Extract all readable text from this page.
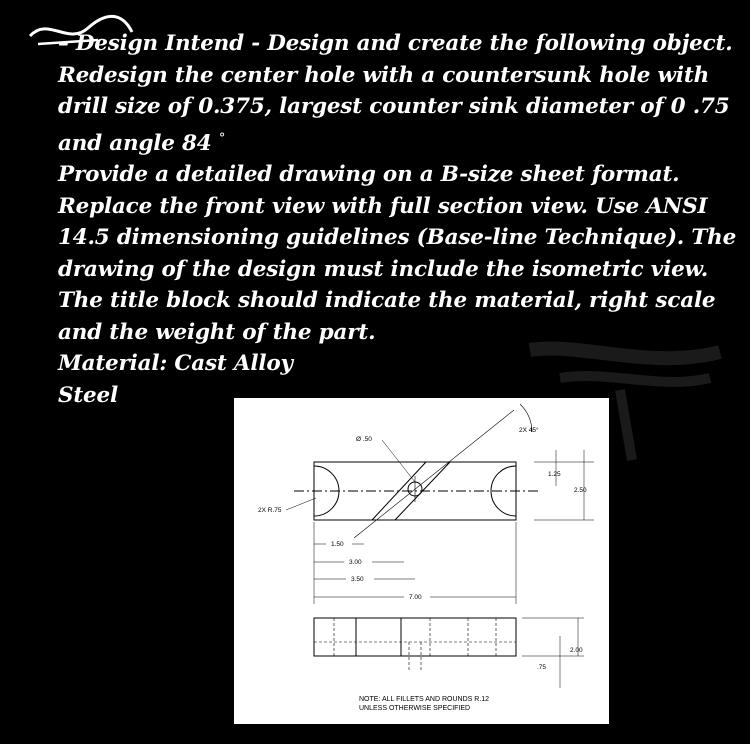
– Design Intend - Design and create the following object.

Redesign the center hole with a countersunk hole with drill size of 0.375, largest counter sink diameter of 0 .75 and angle 84 °

Provide a detailed drawing on a B-size sheet format. Replace the front view with full section view. Use ANSI 14.5 dimensioning guidelines (Base-line Technique). The drawing of the design must include the isometric view. The title block should indicate the material, right scale and the weight of the part.

Material: Cast Alloy

Steel

Ø .50
2X 45°
2X R.75
1.25
2.50
1.50
3.00
3.50
7.00
2.00
.75
NOTE: ALL FILLETS AND ROUNDS R.12
UNLESS OTHERWISE SPECIFIED
